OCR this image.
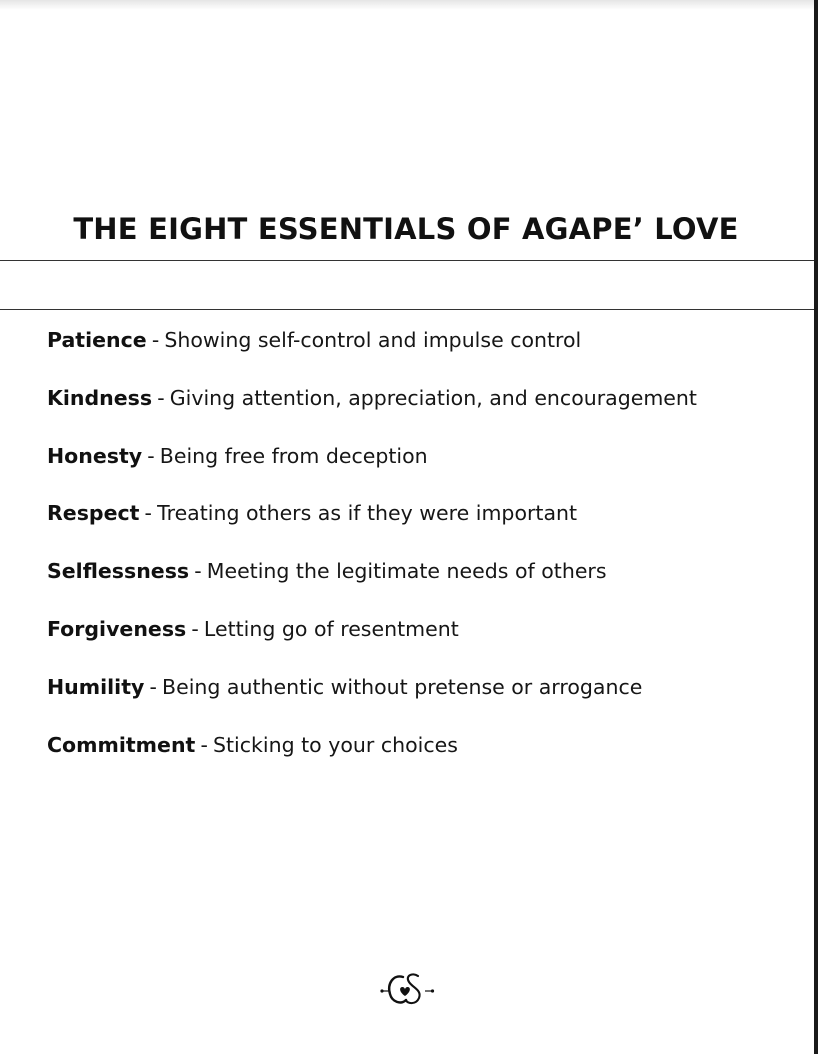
THE EIGHT ESSENTIALS OF AGAPE’ LOVE
Patience - Showing self-control and impulse control
Kindness - Giving attention, appreciation, and encouragement
Honesty - Being free from deception
Respect - Treating others as if they were important
Selflessness - Meeting the legitimate needs of others
Forgiveness - Letting go of resentment
Humility - Being authentic without pretense or arrogance
Commitment - Sticking to your choices
